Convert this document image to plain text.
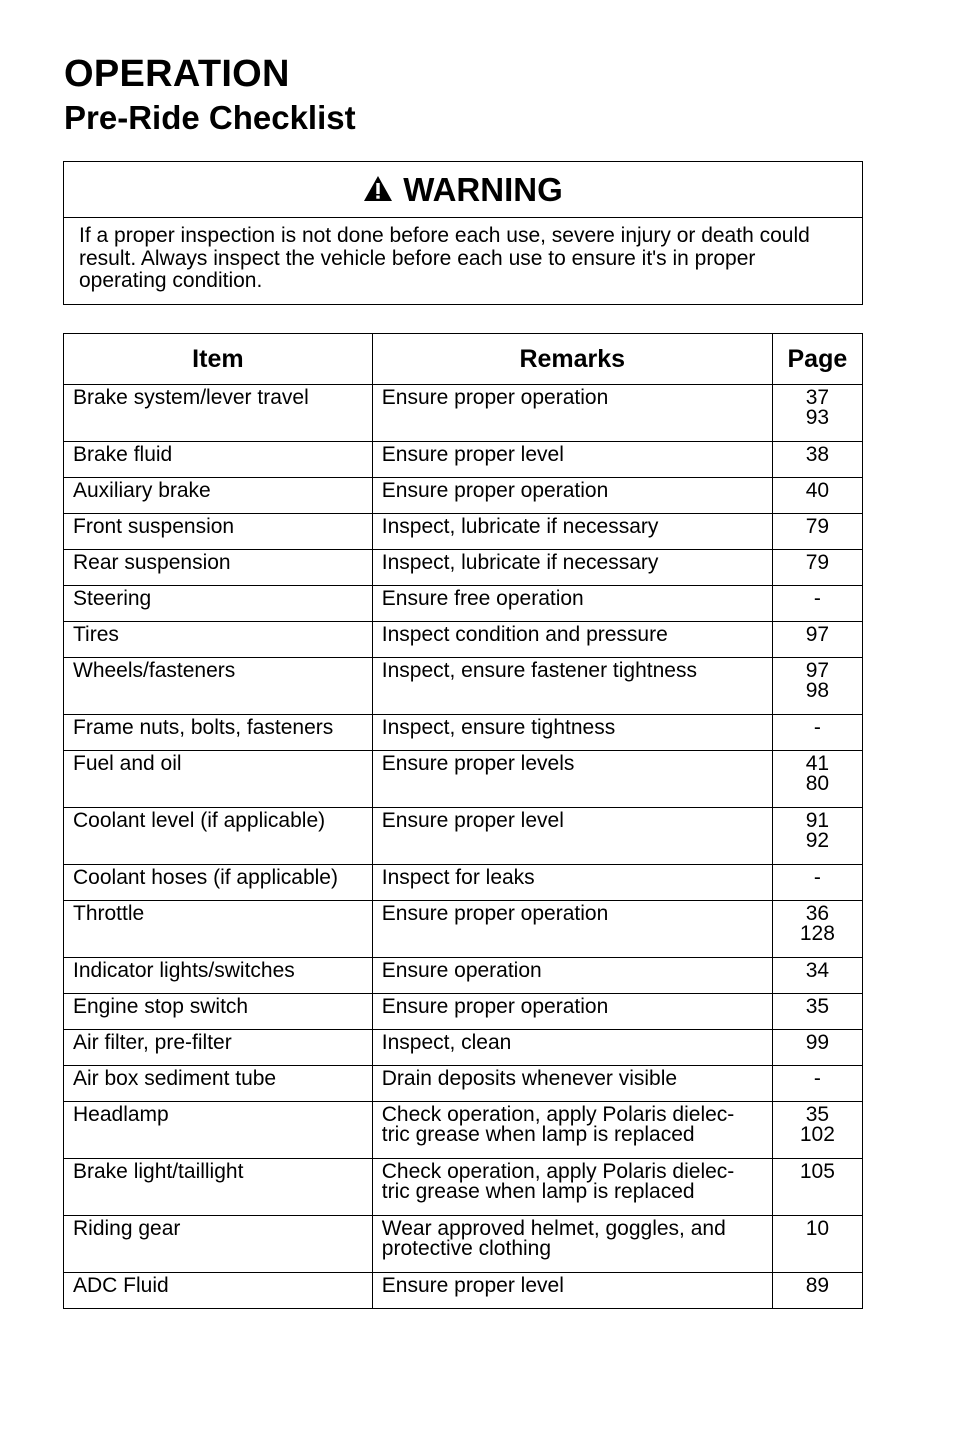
OPERATION
Pre-Ride Checklist
WARNING
If a proper inspection is not done before each use, severe injury or death could result. Always inspect the vehicle before each use to ensure it's in proper operating condition.
Item	Remarks	Page
Brake system/lever travel	Ensure proper operation	37
93

Brake fluid	Ensure proper level	38

Auxiliary brake	Ensure proper operation	40

Front suspension	Inspect, lubricate if necessary	79

Rear suspension	Inspect, lubricate if necessary	79

Steering	Ensure free operation	-

Tires	Inspect condition and pressure	97

Wheels/fasteners	Inspect, ensure fastener tightness	97
98

Frame nuts, bolts, fasteners	Inspect, ensure tightness	-

Fuel and oil	Ensure proper levels	41
80

Coolant level (if applicable)	Ensure proper level	91
92

Coolant hoses (if applicable)	Inspect for leaks	-

Throttle	Ensure proper operation	36
128

Indicator lights/switches	Ensure operation	34

Engine stop switch	Ensure proper operation	35

Air filter, pre-filter	Inspect, clean	99

Air box sediment tube	Drain deposits whenever visible	-

Headlamp	Check operation, apply Polaris dielec-
tric grease when lamp is replaced	35
102

Brake light/taillight	Check operation, apply Polaris dielec-
tric grease when lamp is replaced	105

Riding gear	Wear approved helmet, goggles, and
protective clothing	10

ADC Fluid	Ensure proper level	89
